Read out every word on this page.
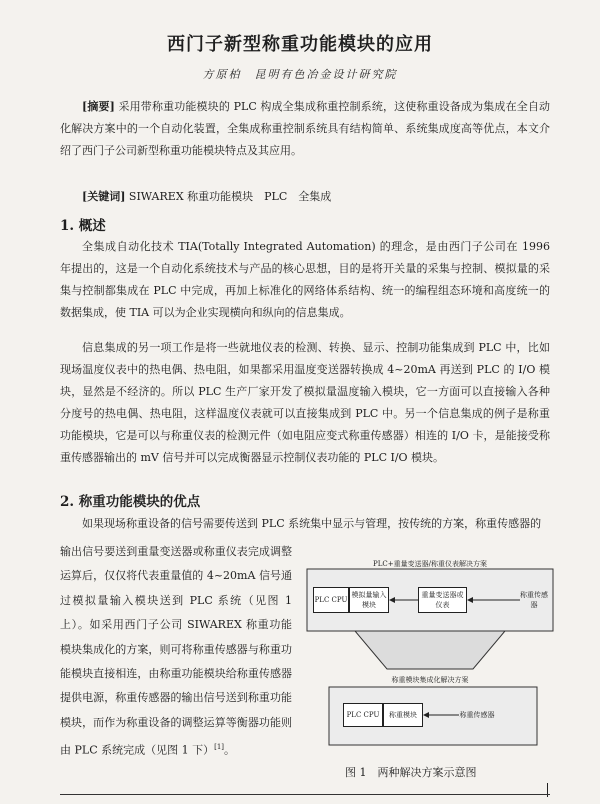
西门子新型称重功能模块的应用
方原柏　昆明有色冶金设计研究院

[摘要] 采用带称重功能模块的 PLC 构成全集成称重控制系统，这使称重设备成为集成在全自动化解决方案中的一个自动化装置，全集成称重控制系统具有结构简单、系统集成度高等优点，本文介绍了西门子公司新型称重功能模块特点及其应用。

[关键词] SIWAREX 称重功能模块　PLC　全集成

1. 概述

全集成自动化技术 TIA(Totally Integrated Automation) 的理念，是由西门子公司在 1996 年提出的，这是一个自动化系统技术与产品的核心思想，目的是将开关量的采集与控制、模拟量的采集与控制都集成在 PLC 中完成，再加上标准化的网络体系结构、统一的编程组态环境和高度统一的数据集成，使 TIA 可以为企业实现横向和纵向的信息集成。

信息集成的另一项工作是将一些就地仪表的检测、转换、显示、控制功能集成到 PLC 中，比如现场温度仪表中的热电偶、热电阻，如果都采用温度变送器转换成 4~20mA 再送到 PLC 的 I/O 模块，显然是不经济的。所以 PLC 生产厂家开发了模拟量温度输入模块，它一方面可以直接输入各种分度号的热电偶、热电阻，这样温度仪表就可以直接集成到 PLC 中。另一个信息集成的例子是称重功能模块，它是可以与称重仪表的检测元件（如电阻应变式称重传感器）相连的 I/O 卡，是能接受称重传感器输出的 mV 信号并可以完成衡器显示控制仪表功能的 PLC I/O 模块。

2. 称重功能模块的优点

如果现场称重设备的信号需要传送到 PLC 系统集中显示与管理，按传统的方案，称重传感器的

输出信号要送到重量变送器或称重仪表完成调整运算后，仅仅将代表重量值的 4~20mA 信号通过模拟量输入模块送到 PLC 系统（见图 1 上）。如采用西门子公司 SIWAREX 称重功能模块集成化的方案，则可将称重传感器与称重功能模块直接相连，由称重功能模块给称重传感器提供电源，称重传感器的输出信号送到称重功能模块，而作为称重设备的调整运算等衡器功能则由 PLC 系统完成（见图 1 下）[1]。

PLC+重量变送器/称重仪表解决方案
PLC CPU
模拟量输入模块
重量变送器或仪表
称重传感器
称重模块集成化解决方案
PLC CPU	称重模块	称重传感器
图 1　两种解决方案示意图
